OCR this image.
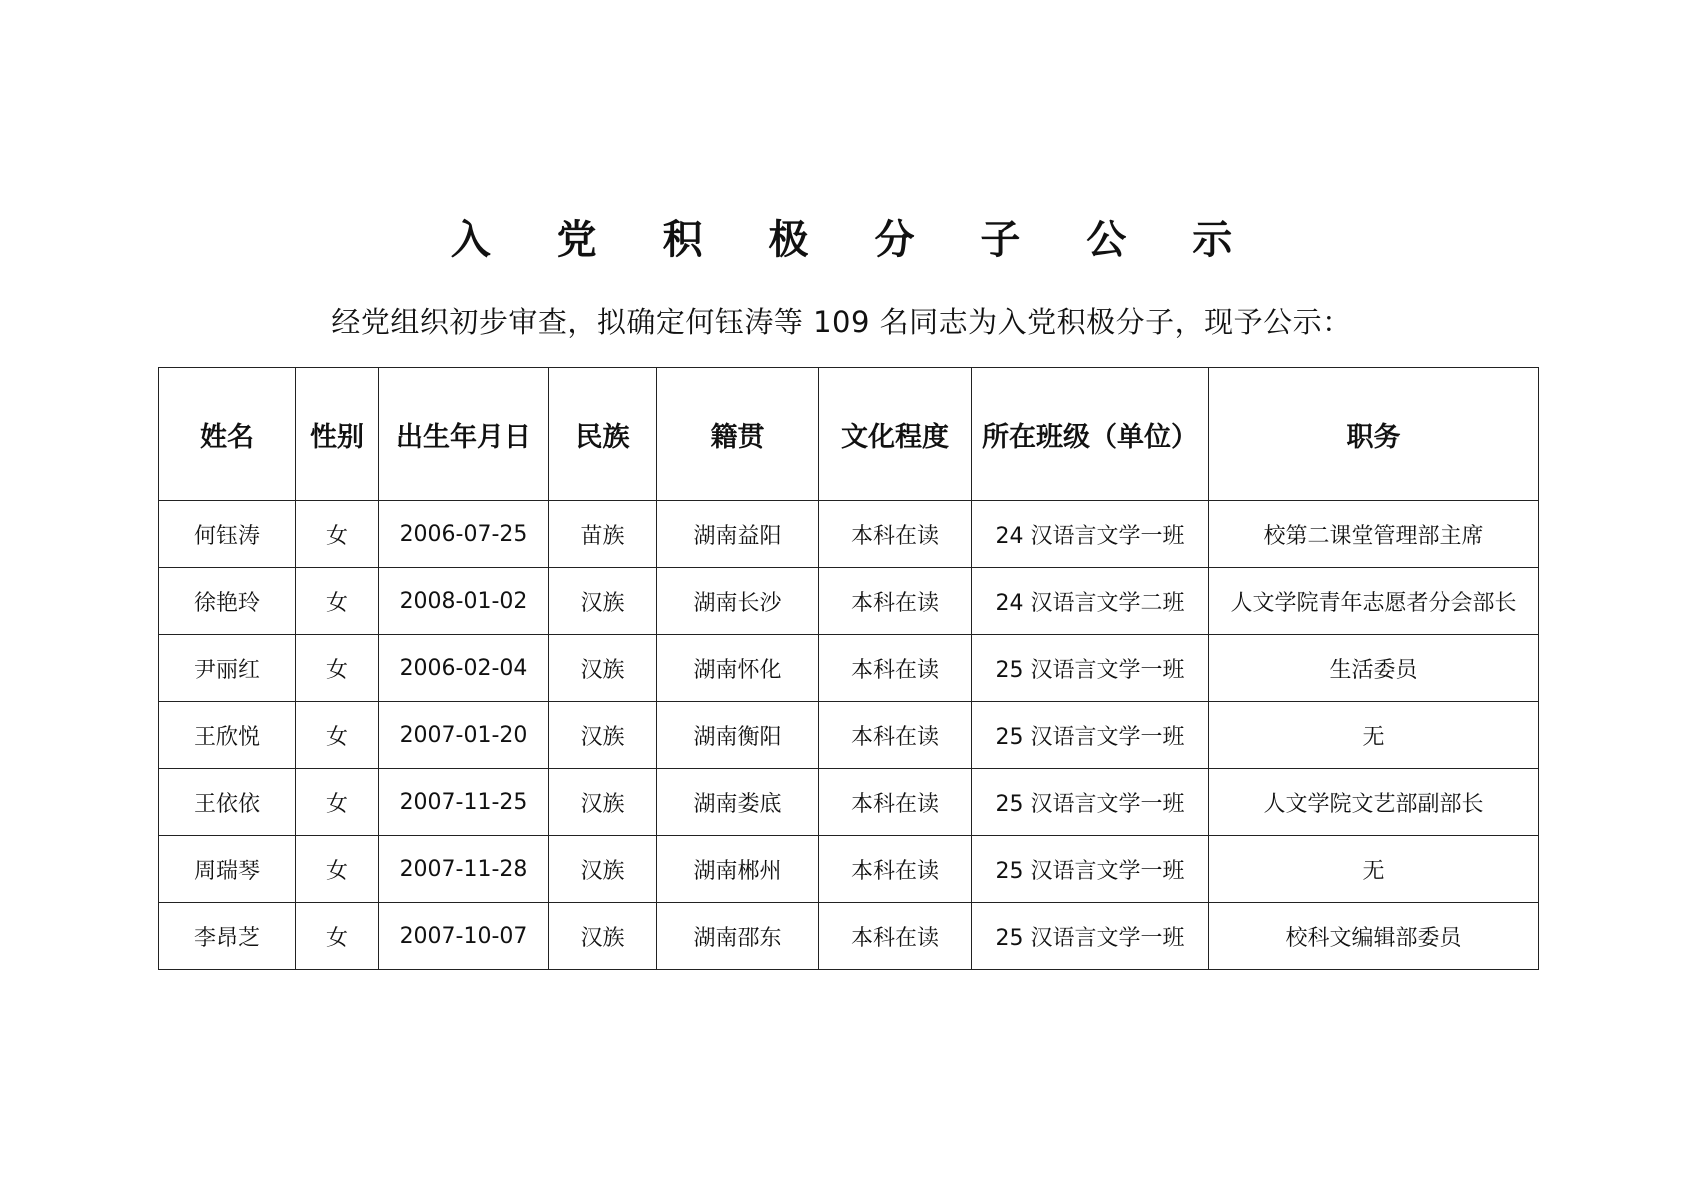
入 党 积 极 分 子 公 示
经党组织初步审查，拟确定何钰涛等 109 名同志为入党积极分子，现予公示：
姓名	性别	出生年月日	民族	籍贯	文化程度	所在班级（单位）	职务
何钰涛	女	2006-07-25	苗族	湖南益阳	本科在读	24 汉语言文学一班	校第二课堂管理部主席
徐艳玲	女	2008-01-02	汉族	湖南长沙	本科在读	24 汉语言文学二班	人文学院青年志愿者分会部长
尹丽红	女	2006-02-04	汉族	湖南怀化	本科在读	25 汉语言文学一班	生活委员
王欣悦	女	2007-01-20	汉族	湖南衡阳	本科在读	25 汉语言文学一班	无
王依依	女	2007-11-25	汉族	湖南娄底	本科在读	25 汉语言文学一班	人文学院文艺部副部长
周瑞琴	女	2007-11-28	汉族	湖南郴州	本科在读	25 汉语言文学一班	无
李昂芝	女	2007-10-07	汉族	湖南邵东	本科在读	25 汉语言文学一班	校科文编辑部委员
